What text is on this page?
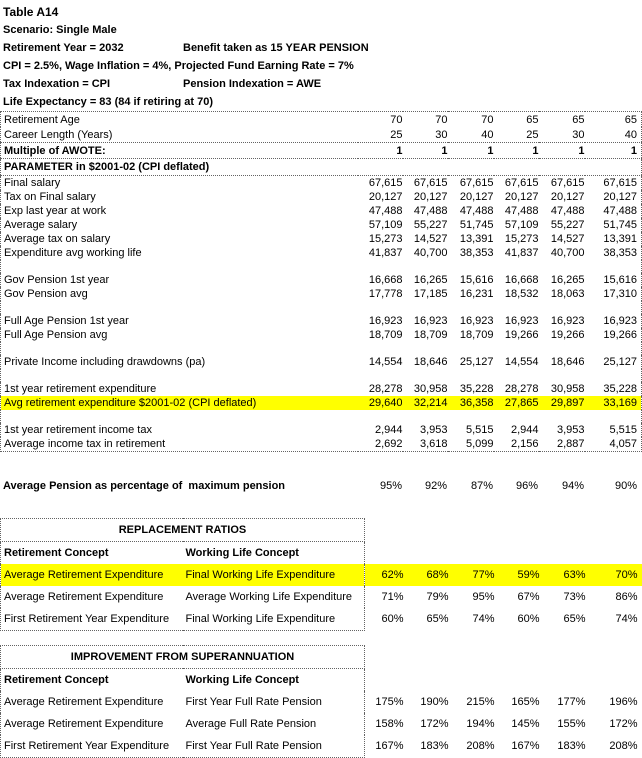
Table A14
Scenario: Single Male
Retirement Year = 2032	Benefit taken as 15 YEAR PENSION
CPI = 2.5%, Wage Inflation = 4%, Projected Fund Earning Rate = 7%
Tax Indexation = CPI	Pension Indexation = AWE
Life Expectancy = 83 (84 if retiring at 70)
Retirement Age	70	70	70	65	65	65
Career Length (Years)	25	30	40	25	30	40
Multiple of AWOTE:	1	1	1	1	1	1
PARAMETER in $2001-02 (CPI deflated)						
Final salary	67,615	67,615	67,615	67,615	67,615	67,615
Tax on Final salary	20,127	20,127	20,127	20,127	20,127	20,127
Exp last year at work	47,488	47,488	47,488	47,488	47,488	47,488
Average salary	57,109	55,227	51,745	57,109	55,227	51,745
Average tax on salary	15,273	14,527	13,391	15,273	14,527	13,391
Expenditure avg working life	41,837	40,700	38,353	41,837	40,700	38,353

Gov Pension 1st year	16,668	16,265	15,616	16,668	16,265	15,616
Gov Pension avg	17,778	17,185	16,231	18,532	18,063	17,310

Full Age Pension 1st year	16,923	16,923	16,923	16,923	16,923	16,923
Full Age Pension avg	18,709	18,709	18,709	19,266	19,266	19,266

Private Income including drawdowns (pa)	14,554	18,646	25,127	14,554	18,646	25,127

1st year retirement expenditure	28,278	30,958	35,228	28,278	30,958	35,228
Avg retirement expenditure $2001-02 (CPI deflated)	29,640	32,214	36,358	27,865	29,897	33,169

1st year retirement income tax	2,944	3,953	5,515	2,944	3,953	5,515
Average income tax in retirement	2,692	3,618	5,099	2,156	2,887	4,057
Average Pension as percentage of  maximum pension	95%	92%	87%	96%	94%	90%
REPLACEMENT RATIOS							
Retirement Concept	Working Life Concept						
Average Retirement Expenditure	Final Working Life Expenditure	62%	68%	77%	59%	63%	70%
Average Retirement Expenditure	Average Working Life Expenditure	71%	79%	95%	67%	73%	86%
First Retirement Year Expenditure	Final Working Life Expenditure	60%	65%	74%	60%	65%	74%
IMPROVEMENT FROM SUPERANNUATION							
Retirement Concept	Working Life Concept						
Average Retirement Expenditure	First Year Full Rate Pension	175%	190%	215%	165%	177%	196%
Average Retirement Expenditure	Average Full Rate Pension	158%	172%	194%	145%	155%	172%
First Retirement Year Expenditure	First Year Full Rate Pension	167%	183%	208%	167%	183%	208%
